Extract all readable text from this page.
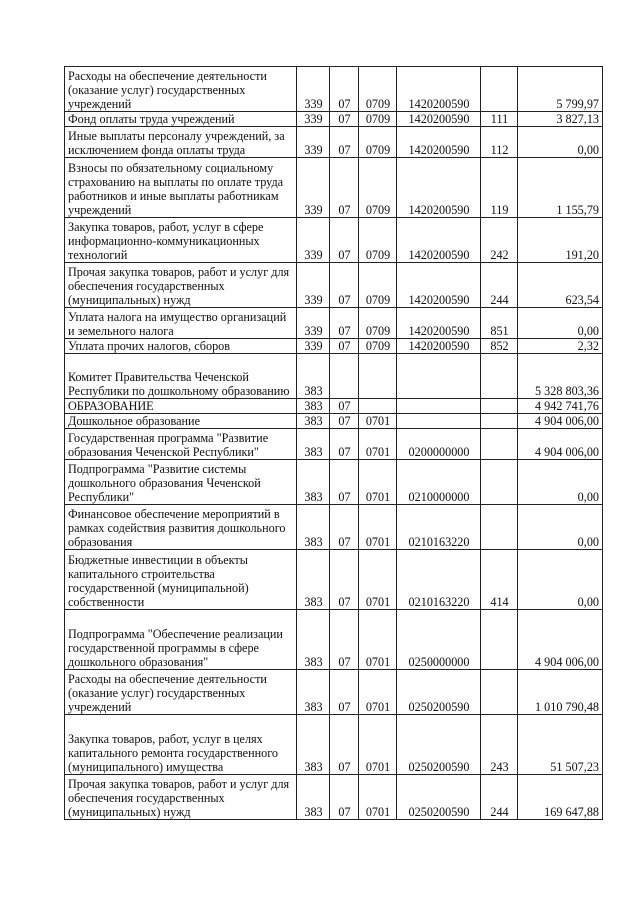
Расходы на обеспечение деятельности (оказание услуг) государственных учреждений	339	07	0709	1420200590		5 799,97
Фонд оплаты труда учреждений	339	07	0709	1420200590	111	3 827,13
Иные выплаты персоналу учреждений, за исключением фонда оплаты труда	339	07	0709	1420200590	112	0,00
Взносы по обязательному социальному страхованию на выплаты по оплате труда работников и иные выплаты работникам учреждений	339	07	0709	1420200590	119	1 155,79
Закупка товаров, работ, услуг в сфере информационно-коммуникационных технологий	339	07	0709	1420200590	242	191,20
Прочая закупка товаров, работ и услуг для обеспечения государственных (муниципальных) нужд	339	07	0709	1420200590	244	623,54
Уплата налога на имущество организаций и земельного налога	339	07	0709	1420200590	851	0,00
Уплата прочих налогов, сборов	339	07	0709	1420200590	852	2,32
Комитет Правительства Чеченской Республики по дошкольному образованию	383					5 328 803,36
ОБРАЗОВАНИЕ	383	07				4 942 741,76
Дошкольное образование	383	07	0701			4 904 006,00
Государственная программа "Развитие образования Чеченской Республики"	383	07	0701	0200000000		4 904 006,00
Подпрограмма "Развитие системы дошкольного образования Чеченской Республики"	383	07	0701	0210000000		0,00
Финансовое обеспечение мероприятий в рамках содействия развития дошкольного образования	383	07	0701	0210163220		0,00
Бюджетные инвестиции в объекты капитального строительства государственной (муниципальной) собственности	383	07	0701	0210163220	414	0,00
Подпрограмма "Обеспечение реализации государственной программы в сфере дошкольного образования"	383	07	0701	0250000000		4 904 006,00
Расходы на обеспечение деятельности (оказание услуг) государственных учреждений	383	07	0701	0250200590		1 010 790,48
Закупка товаров, работ, услуг в целях капитального ремонта государственного (муниципального) имущества	383	07	0701	0250200590	243	51 507,23
Прочая закупка товаров, работ и услуг для обеспечения государственных (муниципальных) нужд	383	07	0701	0250200590	244	169 647,88
